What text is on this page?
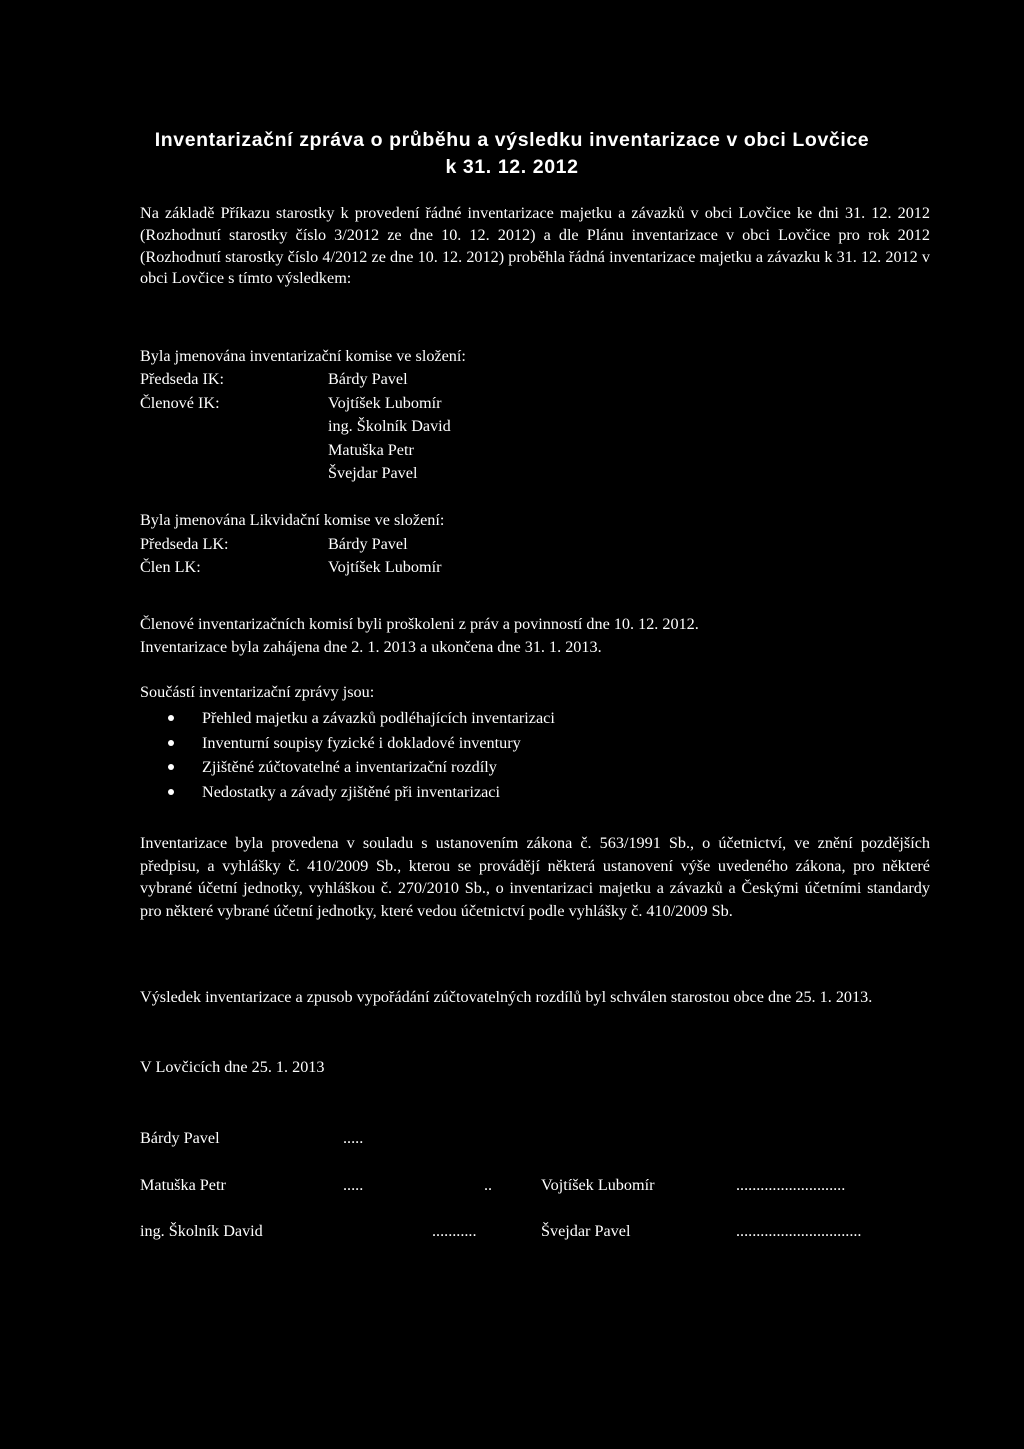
Inventarizační zpráva o průběhu a výsledku inventarizace v obci Lovčice
k 31. 12. 2012
Na základě Příkazu starostky k provedení řádné inventarizace majetku a závazků v obci Lovčice ke dni 31. 12. 2012 (Rozhodnutí starostky číslo 3/2012 ze dne 10. 12. 2012) a dle Plánu inventarizace v obci Lovčice pro rok 2012 (Rozhodnutí starostky číslo 4/2012 ze dne 10. 12. 2012) proběhla řádná inventarizace majetku a závazku k 31. 12. 2012 v obci Lovčice s tímto výsledkem:
Byla jmenována inventarizační komise ve složení:
Předseda IK:	Bárdy Pavel
Členové IK:	Vojtíšek Lubomír
ing. Školník David
Matuška Petr
Švejdar Pavel
Byla jmenována Likvidační komise ve složení:
Předseda LK:	Bárdy Pavel
Člen LK:	Vojtíšek Lubomír
Členové inventarizačních komisí byli proškoleni z práv a povinností dne 10. 12. 2012.
Inventarizace byla zahájena dne 2. 1. 2013 a ukončena dne 31. 1. 2013.
Součástí inventarizační zprávy jsou:
Přehled majetku a závazků podléhajících inventarizaci
Inventurní soupisy fyzické i dokladové inventury
Zjištěné zúčtovatelné a inventarizační rozdíly
Nedostatky a závady zjištěné při inventarizaci
Inventarizace byla provedena v souladu s ustanovením zákona č. 563/1991 Sb., o účetnictví, ve znění pozdějších předpisu, a vyhlášky č. 410/2009 Sb., kterou se provádějí některá ustanovení výše uvedeného zákona, pro některé vybrané účetní jednotky, vyhláškou č. 270/2010 Sb., o inventarizaci majetku a závazků a Českými účetními standardy pro některé vybrané účetní jednotky, které vedou účetnictví podle vyhlášky č. 410/2009 Sb.
Výsledek inventarizace a zpusob vypořádání zúčtovatelných rozdílů byl schválen starostou obce dne 25. 1. 2013.
V Lovčicích dne 25. 1. 2013
Bárdy Pavel	.....
Matuška Petr	.....	..	Vojtíšek Lubomír	...........................
ing. Školník David	...........	Švejdar Pavel	...............................
